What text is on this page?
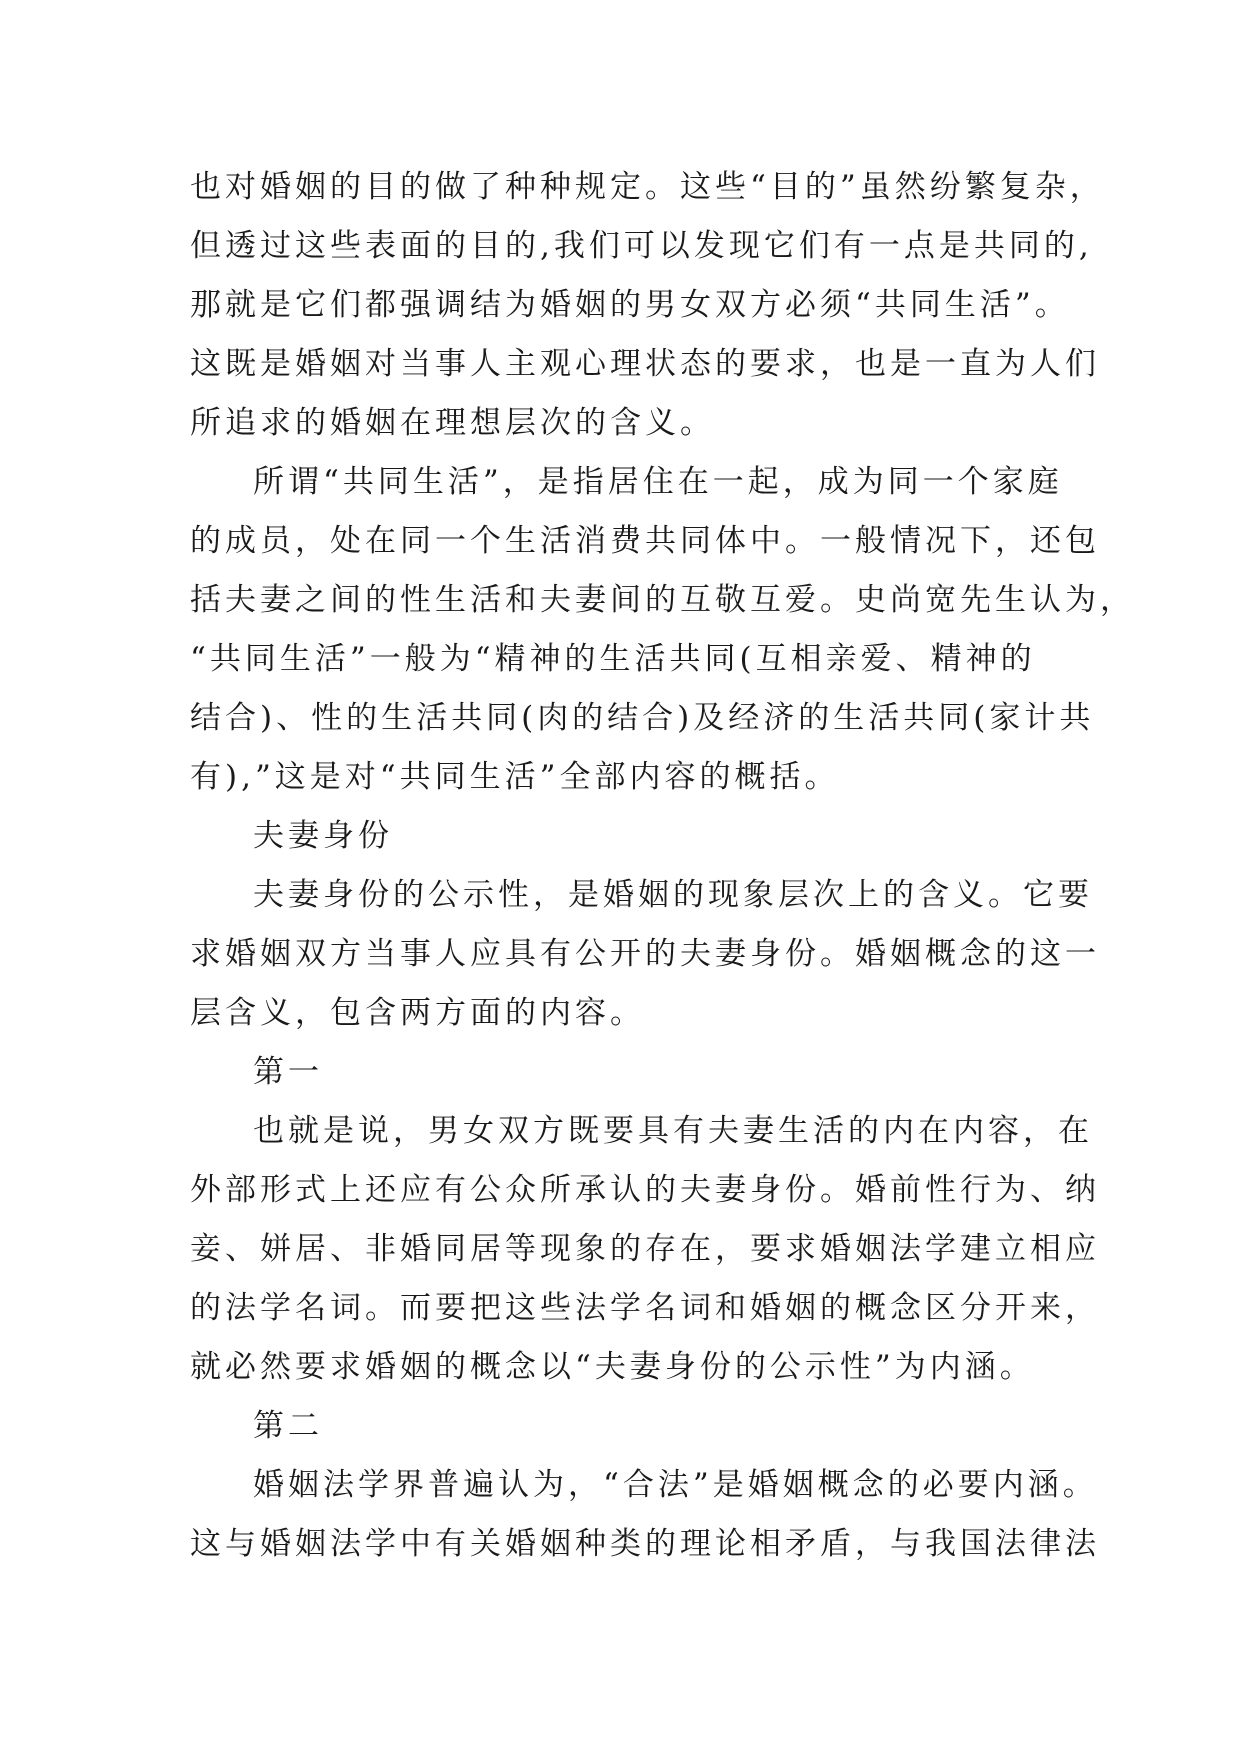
也对婚姻的目的做了种种规定。这些“目的”虽然纷繁复杂，
但透过这些表面的目的,我们可以发现它们有一点是共同的,
那就是它们都强调结为婚姻的男女双方必须“共同生活”。
这既是婚姻对当事人主观心理状态的要求，也是一直为人们
所追求的婚姻在理想层次的含义。
所谓“共同生活”，是指居住在一起，成为同一个家庭
的成员，处在同一个生活消费共同体中。一般情况下，还包
括夫妻之间的性生活和夫妻间的互敬互爱。史尚宽先生认为，
“共同生活”一般为“精神的生活共同(互相亲爱、精神的
结合)、性的生活共同(肉的结合)及经济的生活共同(家计共
有),”这是对“共同生活”全部内容的概括。
夫妻身份
夫妻身份的公示性，是婚姻的现象层次上的含义。它要
求婚姻双方当事人应具有公开的夫妻身份。婚姻概念的这一
层含义，包含两方面的内容。
第一
也就是说，男女双方既要具有夫妻生活的内在内容，在
外部形式上还应有公众所承认的夫妻身份。婚前性行为、纳
妾、姘居、非婚同居等现象的存在，要求婚姻法学建立相应
的法学名词。而要把这些法学名词和婚姻的概念区分开来，
就必然要求婚姻的概念以“夫妻身份的公示性”为内涵。
第二
婚姻法学界普遍认为，“合法”是婚姻概念的必要内涵。
这与婚姻法学中有关婚姻种类的理论相矛盾，与我国法律法
